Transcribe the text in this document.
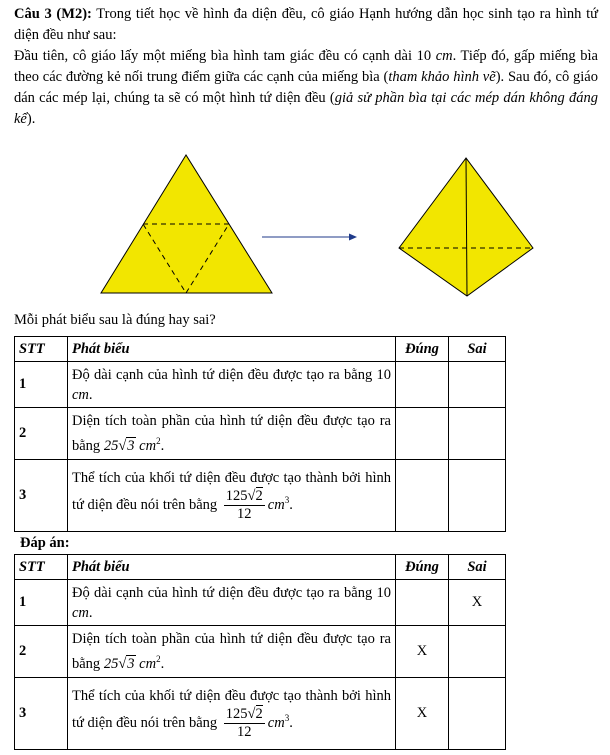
Câu 3 (M2): Trong tiết học về hình đa diện đều, cô giáo Hạnh hướng dẫn học sinh tạo ra hình tứ diện đều như sau:

Đầu tiên, cô giáo lấy một miếng bìa hình tam giác đều có cạnh dài 10 cm. Tiếp đó, gấp miếng bìa theo các đường kẻ nối trung điểm giữa các cạnh của miếng bìa (tham khảo hình vẽ). Sau đó, cô giáo dán các mép lại, chúng ta sẽ có một hình tứ diện đều (giả sử phần bìa tại các mép dán không đáng kể).

Mỗi phát biểu sau là đúng hay sai?
STT	Phát biểu	Đúng	Sai
1	Độ dài cạnh của hình tứ diện đều được tạo ra bằng 10 cm.		
2	Diện tích toàn phần của hình tứ diện đều được tạo ra bằng 25√3 $cm^2$.		
3	Thể tích của khối tứ diện đều được tạo thành bởi hình tứ diện đều nói trên bằng $\frac{125√2}{12} cm^3$.		
Đáp án:
STT	Phát biểu	Đúng	Sai
1	Độ dài cạnh của hình tứ diện đều được tạo ra bằng 10 cm.		X
2	Diện tích toàn phần của hình tứ diện đều được tạo ra bằng 25√3 $cm^2$.	X	
3	Thể tích của khối tứ diện đều được tạo thành bởi hình tứ diện đều nói trên bằng $\frac{125√2}{12} cm^3$.	X	
